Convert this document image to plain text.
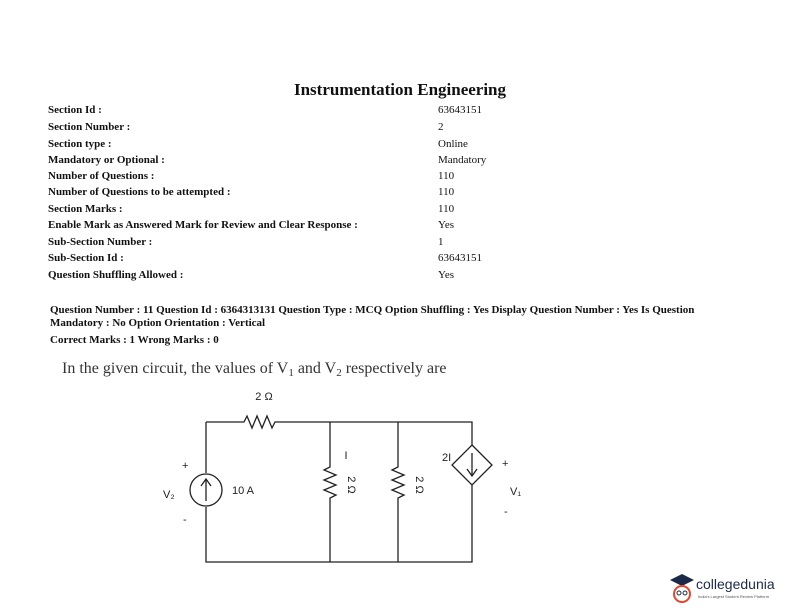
Instrumentation Engineering
Section Id :	63643151
Section Number :	2
Section type :	Online
Mandatory or Optional :	Mandatory
Number of Questions :	110
Number of Questions to be attempted :	110
Section Marks :	110
Enable Mark as Answered Mark for Review and Clear Response :	Yes
Sub-Section Number :	1
Sub-Section Id :	63643151
Question Shuffling Allowed :	Yes
Question Number : 11 Question Id : 6364313131 Question Type : MCQ Option Shuffling : Yes Display Question Number : Yes Is Question Mandatory : No Option Orientation : Vertical
Correct Marks : 1 Wrong Marks : 0
In the given circuit, the values of $V_1$ and $V_2$ respectively are
2 Ω
10 A
I
2 Ω	2 Ω
2I
V₂
+
-
V₁
+
-
collegedunia
India's Largest Student Review Platform
